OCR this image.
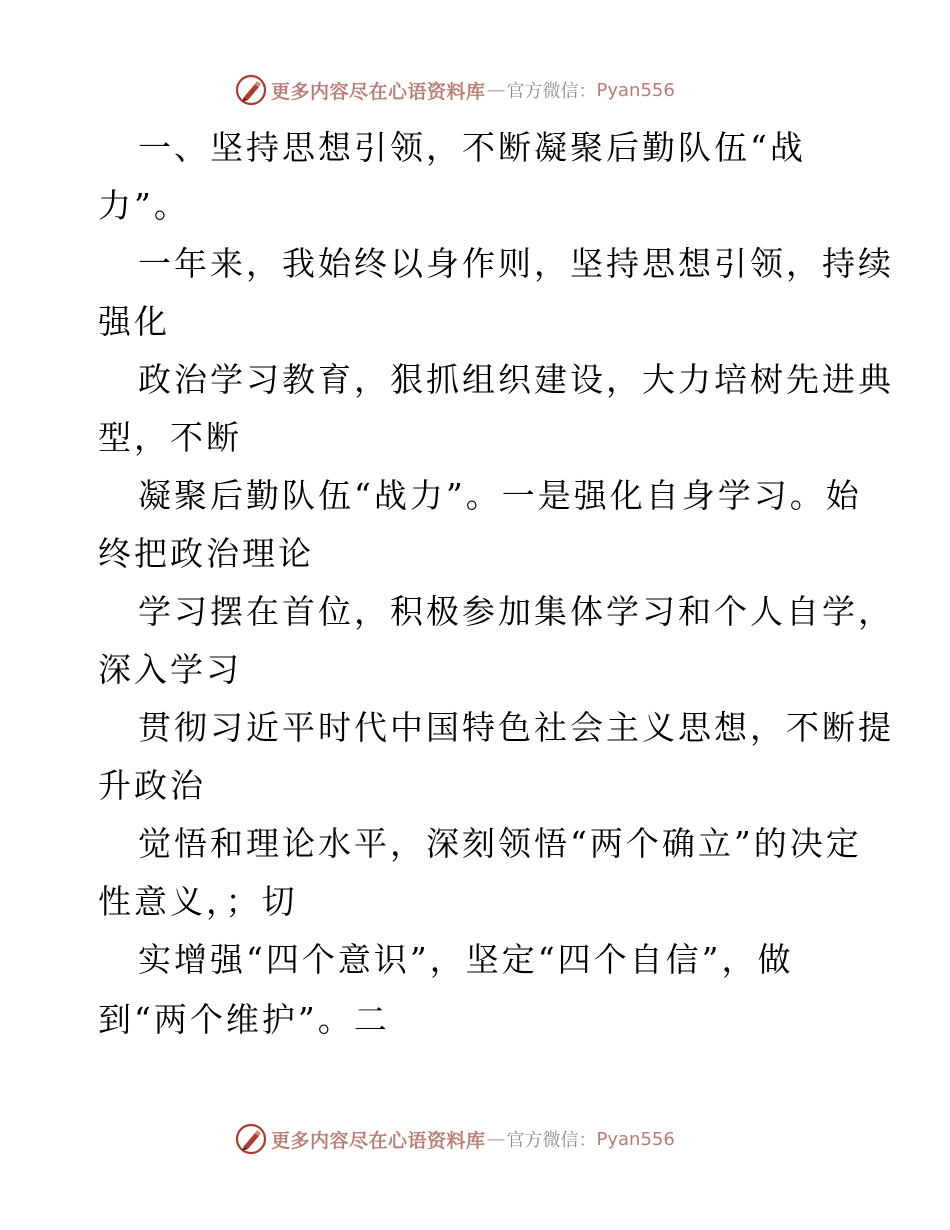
更多内容尽在心语资料库 — 官方微信： Pyan556
一、坚持思想引领，不断凝聚后勤队伍“战
力”。
一年来，我始终以身作则，坚持思想引领，持续
强化
政治学习教育，狠抓组织建设，大力培树先进典
型，不断
凝聚后勤队伍“战力”。一是强化自身学习。始
终把政治理论
学习摆在首位，积极参加集体学习和个人自学，
深入学习
贯彻习近平时代中国特色社会主义思想，不断提
升政治
觉悟和理论水平，深刻领悟“两个确立”的决定
性意义，；切
实增强“四个意识”，坚定“四个自信”，做
到“两个维护”。二
更多内容尽在心语资料库 — 官方微信： Pyan556
